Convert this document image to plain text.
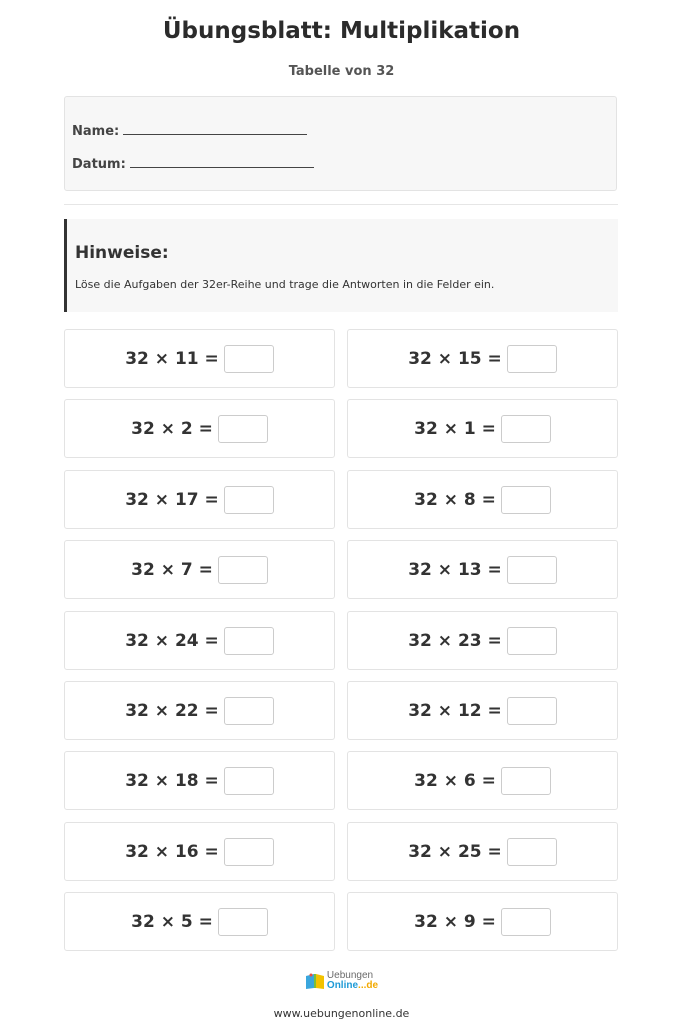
Übungsblatt: Multiplikation
Tabelle von 32
Name:
Datum:
Hinweise:
Löse die Aufgaben der 32er-Reihe und trage die Antworten in die Felder ein.
32 × 11 =	32 × 15 =
32 × 2 =	32 × 1 =
32 × 17 =	32 × 8 =
32 × 7 =	32 × 13 =
32 × 24 =	32 × 23 =
32 × 22 =	32 × 12 =
32 × 18 =	32 × 6 =
32 × 16 =	32 × 25 =
32 × 5 =	32 × 9 =
Uebungen
Online...de
www.uebungenonline.de
